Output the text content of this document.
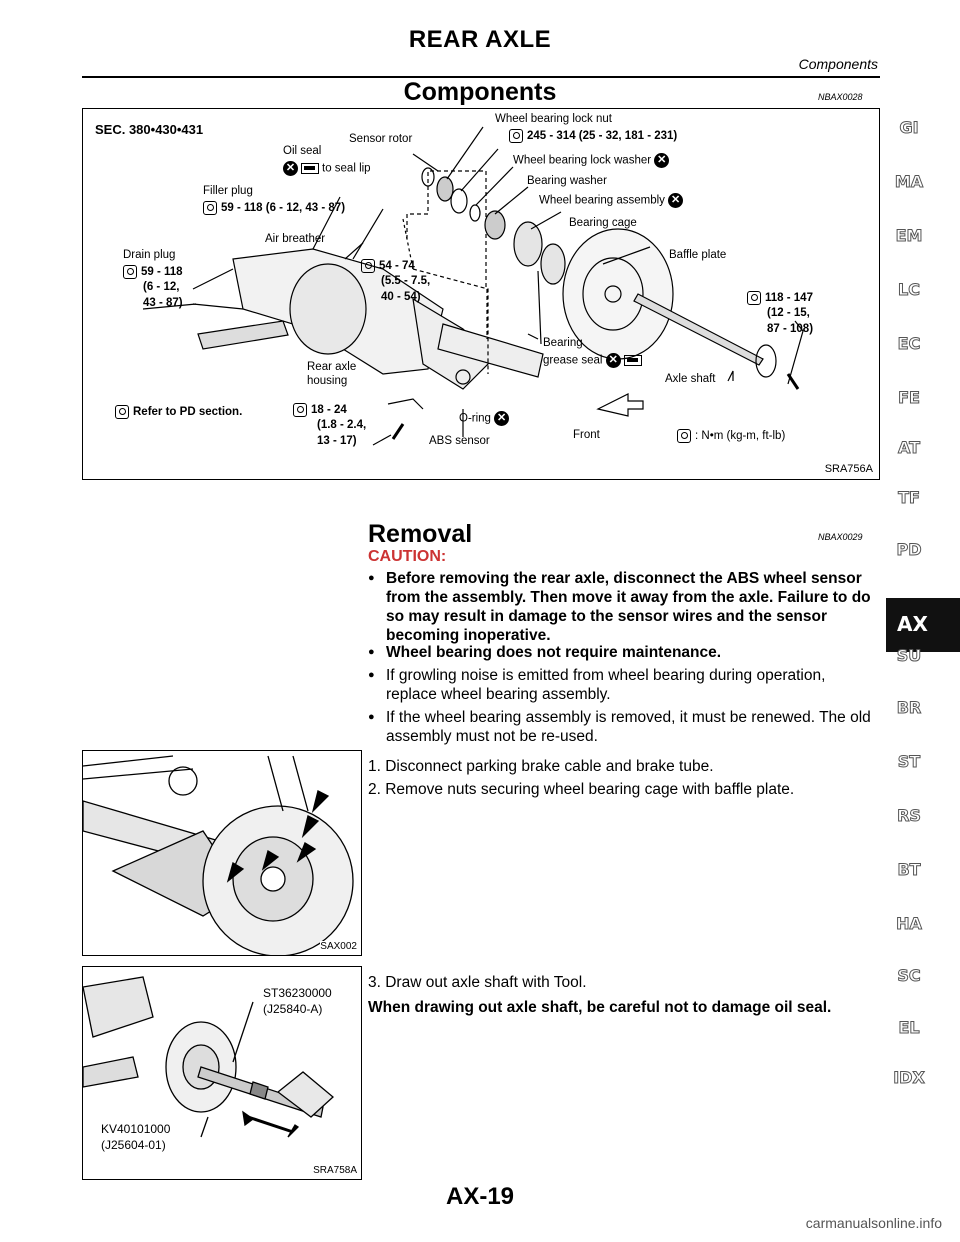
REAR AXLE
Components
Components	NBAX0028
SEC. 380•430•431
Oil seal
✕ to seal lip
Sensor rotor
Wheel bearing lock nut
245 - 314 (25 - 32, 181 - 231)
Wheel bearing lock washer ✕
Bearing washer
Wheel bearing assembly ✕
Bearing cage
Filler plug
59 - 118 (6 - 12, 43 - 87)
Air breather
Drain plug
59 - 118
(6 - 12,
43 - 87)
54 - 74
(5.5 - 7.5,
40 - 54)
Baffle plate
118 - 147
(12 - 15,
87 - 108)
Bearing
grease seal ✕
Rear axle
housing	Axle shaft
Refer to PD section.	18 - 24
(1.8 - 2.4,
13 - 17)
O-ring ✕
ABS sensor	Front	: N•m (kg-m, ft-lb)
SRA756A
Removal	NBAX0029
CAUTION:
● Before removing the rear axle, disconnect the ABS wheel sensor from the assembly. Then move it away from the axle. Failure to do so may result in damage to the sensor wires and the sensor becoming inoperative.
● Wheel bearing does not require maintenance.
● If growling noise is emitted from wheel bearing during operation, replace wheel bearing assembly.
● If the wheel bearing assembly is removed, it must be renewed. The old assembly must not be re-used.
1. Disconnect parking brake cable and brake tube.
2. Remove nuts securing wheel bearing cage with baffle plate.
3. Draw out axle shaft with Tool.
When drawing out axle shaft, be careful not to damage oil seal.
SAX002
ST36230000
(J25840-A)
KV40101000
(J25604-01)
SRA758A
GI
MA
EM
LC
EC
FE
AT
TF
PD
AX
SU
BR
ST
RS
BT
HA
SC
EL
IDX
AX-19
carmanualsonline.info
